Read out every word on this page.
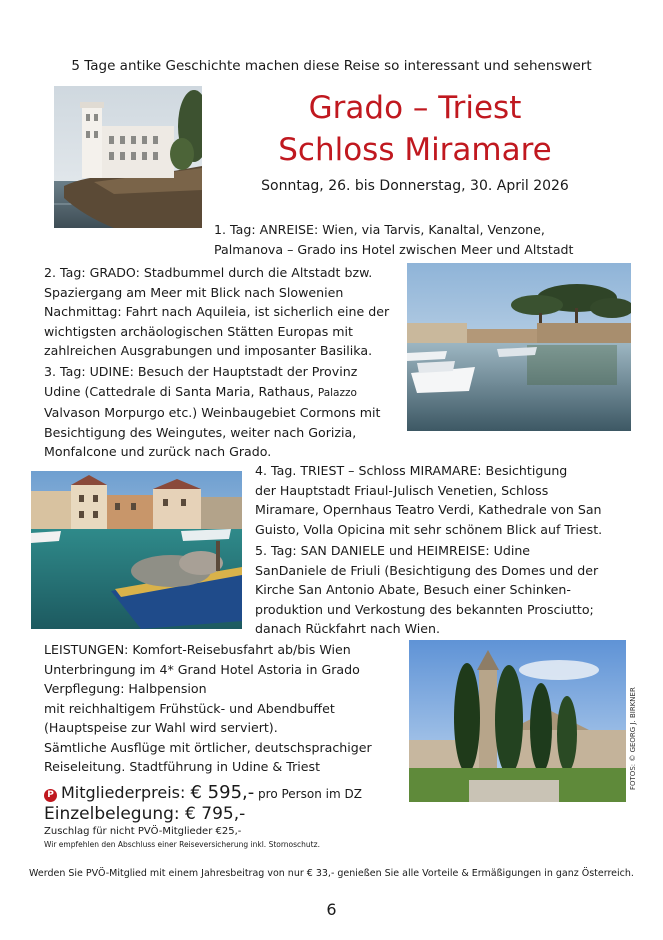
5 Tage antike Geschichte machen diese Reise so interessant und sehenswert
Grado – Triest
Schloss Miramare
Sonntag, 26. bis Donnerstag, 30. April 2026
1. Tag: ANREISE: Wien, via Tarvis, Kanaltal, Venzone,
Palmanova – Grado ins Hotel zwischen Meer und Altstadt
2. Tag: GRADO: Stadbummel durch die Altstadt bzw.
Spaziergang am Meer mit Blick nach Slowenien
Nachmittag: Fahrt nach Aquileia, ist sicherlich eine der
wichtigsten archäologischen Stätten Europas mit
zahlreichen Ausgrabungen und imposanter Basilika.
3. Tag: UDINE: Besuch der Hauptstadt der Provinz
Udine (Cattedrale di Santa Maria, Rathaus, Palazzo
Valvason Morpurgo etc.) Weinbaugebiet Cormons mit
Besichtigung des Weingutes, weiter nach Gorizia,
Monfalcone und zurück nach Grado.
4. Tag. TRIEST – Schloss MIRAMARE: Besichtigung
der Hauptstadt Friaul-Julisch Venetien, Schloss
Miramare, Opernhaus Teatro Verdi, Kathedrale von San
Guisto, Volla Opicina mit sehr schönem Blick auf Triest.
5. Tag: SAN DANIELE und HEIMREISE: Udine
SanDaniele de Friuli (Besichtigung des Domes und der
Kirche San Antonio Abate, Besuch einer Schinken-
produktion und Verkostung des bekannten Prosciutto;
danach Rückfahrt nach Wien.
LEISTUNGEN: Komfort-Reisebusfahrt ab/bis Wien
Unterbringung im 4* Grand Hotel Astoria in Grado
Verpflegung: Halbpension
mit reichhaltigem Frühstück- und Abendbuffet
(Hauptspeise zur Wahl wird serviert).
Sämtliche Ausflüge mit örtlicher, deutschsprachiger
Reiseleitung. Stadtführung in Udine & Triest	FOTOS: © GEORG J. BIRKNER
P Mitgliederpreis: € 595,- pro Person im DZ
Einzelbelegung: € 795,-
Zuschlag für nicht PVÖ-Mitglieder €25,-
Wir empfehlen den Abschluss einer Reiseversicherung inkl. Stornoschutz.
Werden Sie PVÖ-Mitglied mit einem Jahresbeitrag von nur € 33,- genießen Sie alle Vorteile & Ermäßigungen in ganz Österreich.
6
